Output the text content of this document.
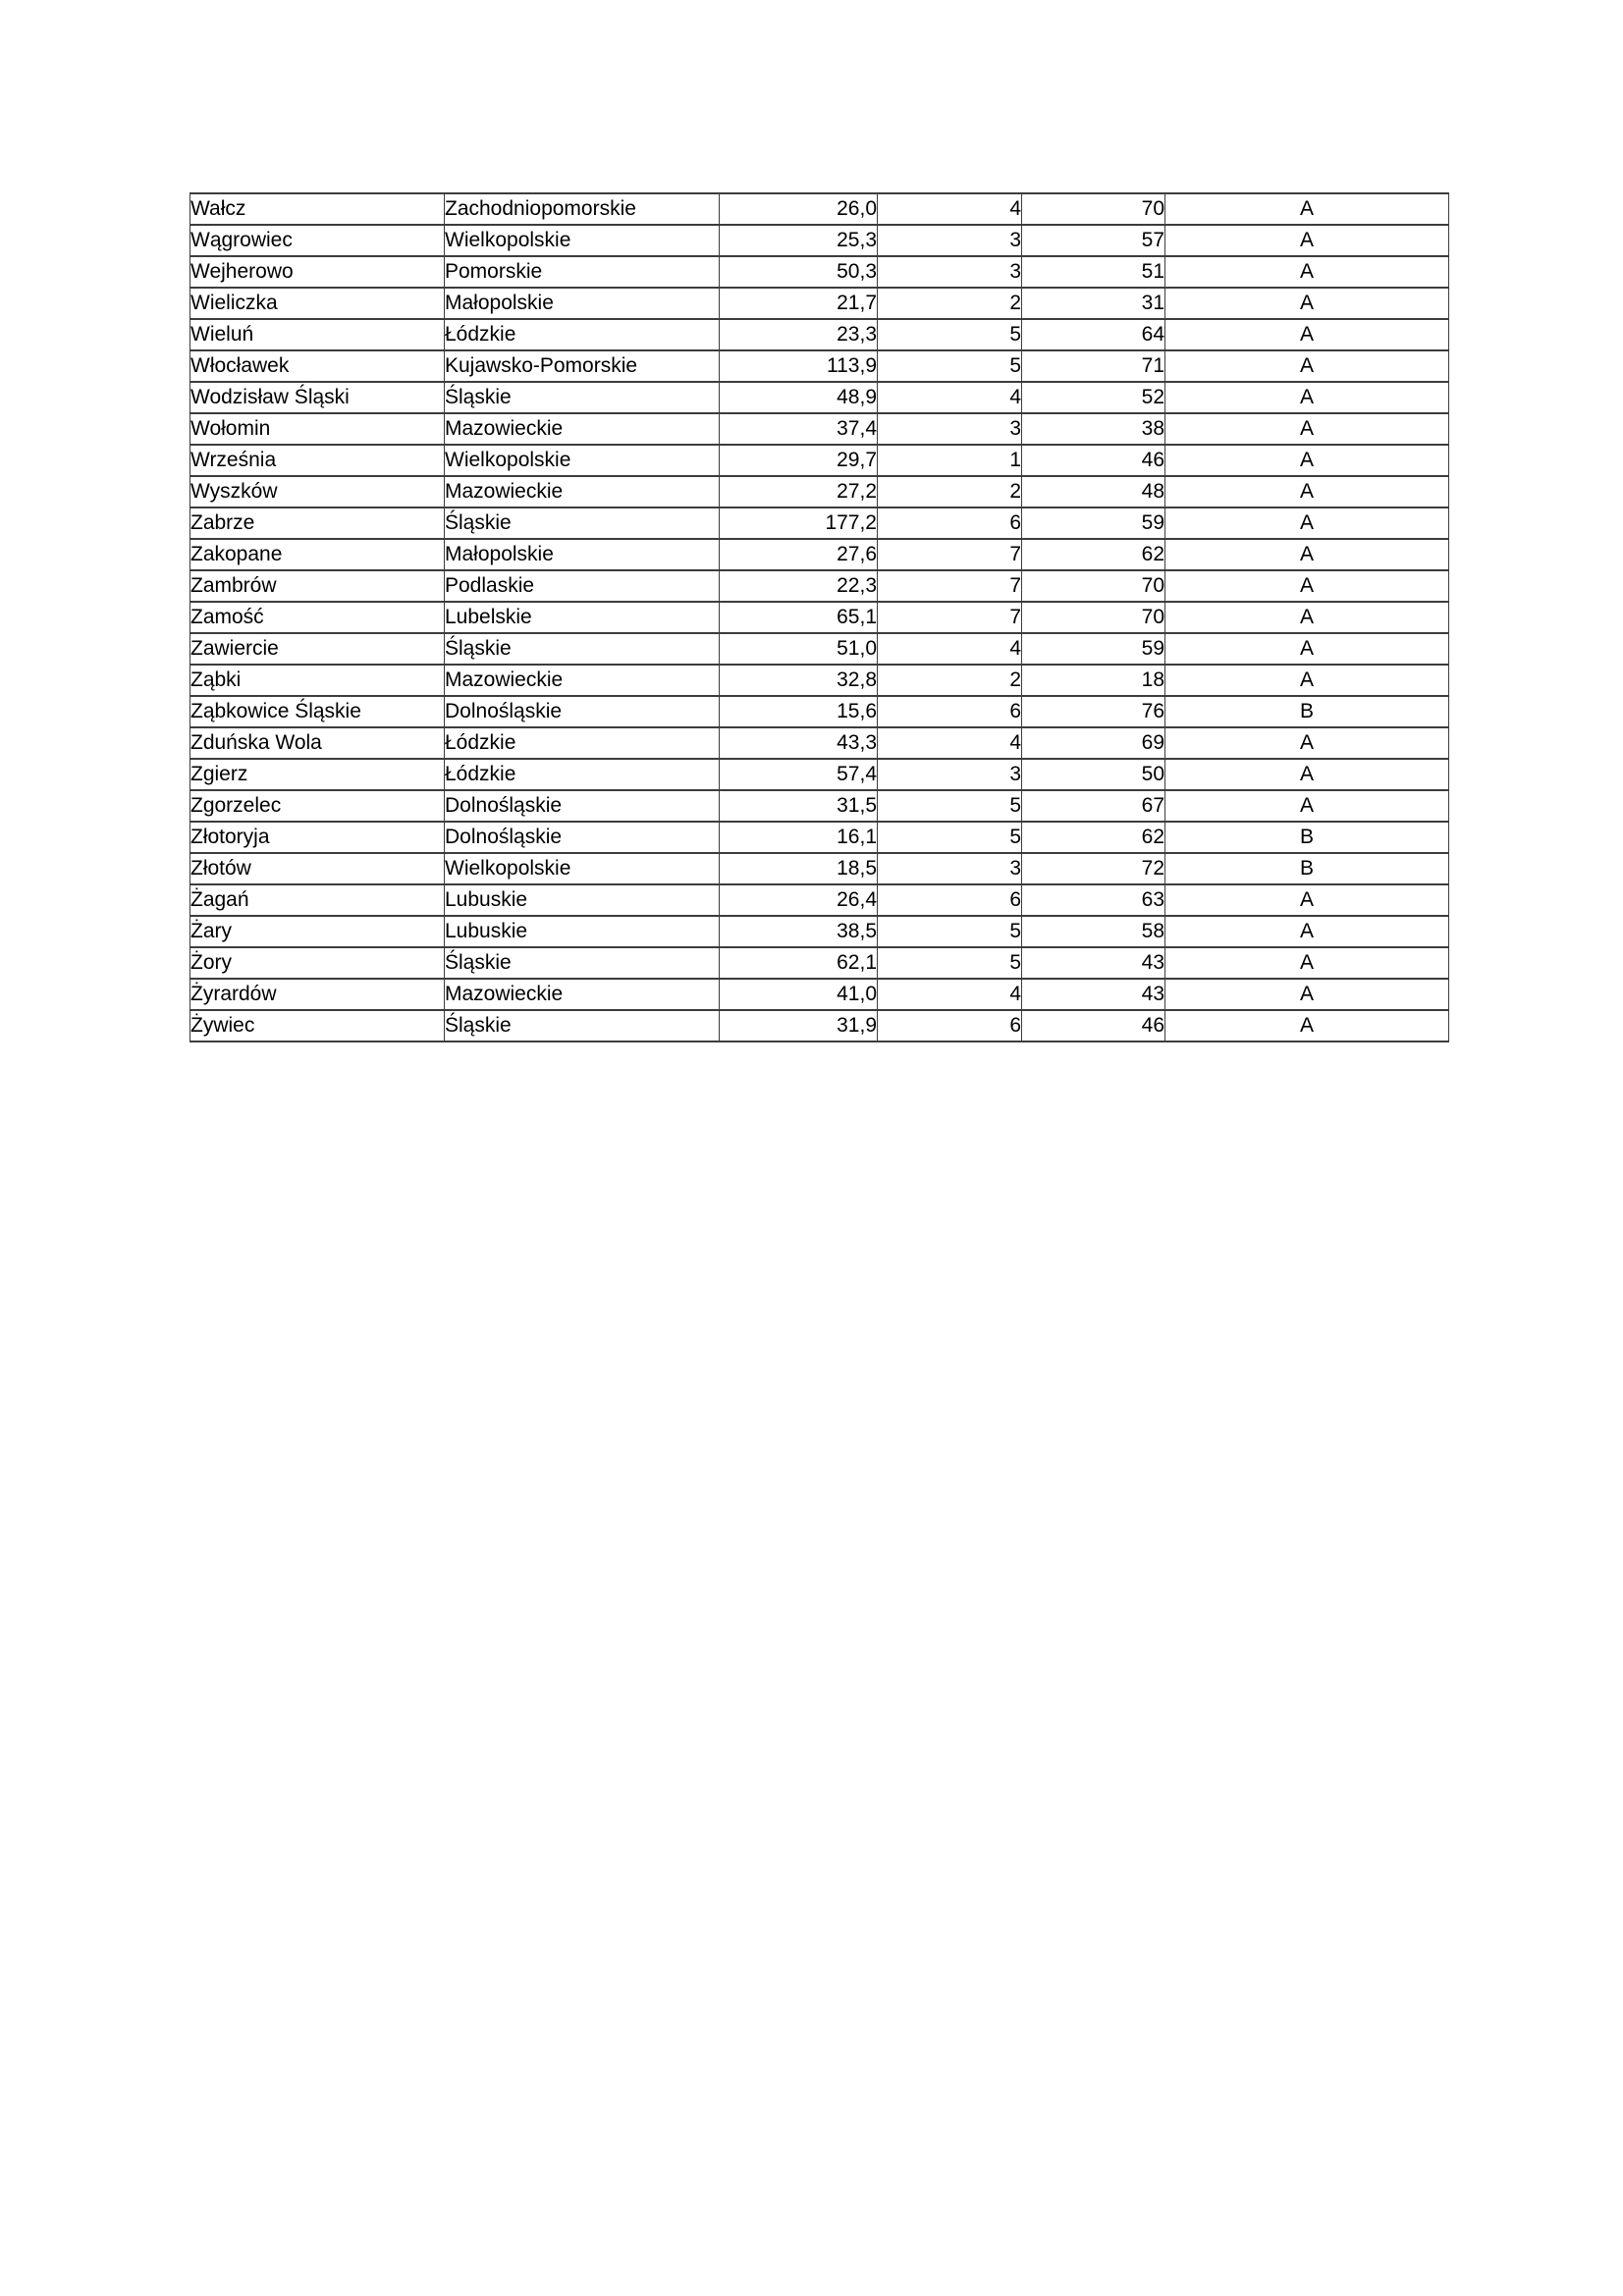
Wałcz	Zachodniopomorskie	26,0	4	70	A
Wągrowiec	Wielkopolskie	25,3	3	57	A
Wejherowo	Pomorskie	50,3	3	51	A
Wieliczka	Małopolskie	21,7	2	31	A
Wieluń	Łódzkie	23,3	5	64	A
Włocławek	Kujawsko-Pomorskie	113,9	5	71	A
Wodzisław Śląski	Śląskie	48,9	4	52	A
Wołomin	Mazowieckie	37,4	3	38	A
Września	Wielkopolskie	29,7	1	46	A
Wyszków	Mazowieckie	27,2	2	48	A
Zabrze	Śląskie	177,2	6	59	A
Zakopane	Małopolskie	27,6	7	62	A
Zambrów	Podlaskie	22,3	7	70	A
Zamość	Lubelskie	65,1	7	70	A
Zawiercie	Śląskie	51,0	4	59	A
Ząbki	Mazowieckie	32,8	2	18	A
Ząbkowice Śląskie	Dolnośląskie	15,6	6	76	B
Zduńska Wola	Łódzkie	43,3	4	69	A
Zgierz	Łódzkie	57,4	3	50	A
Zgorzelec	Dolnośląskie	31,5	5	67	A
Złotoryja	Dolnośląskie	16,1	5	62	B
Złotów	Wielkopolskie	18,5	3	72	B
Żagań	Lubuskie	26,4	6	63	A
Żary	Lubuskie	38,5	5	58	A
Żory	Śląskie	62,1	5	43	A
Żyrardów	Mazowieckie	41,0	4	43	A
Żywiec	Śląskie	31,9	6	46	A
